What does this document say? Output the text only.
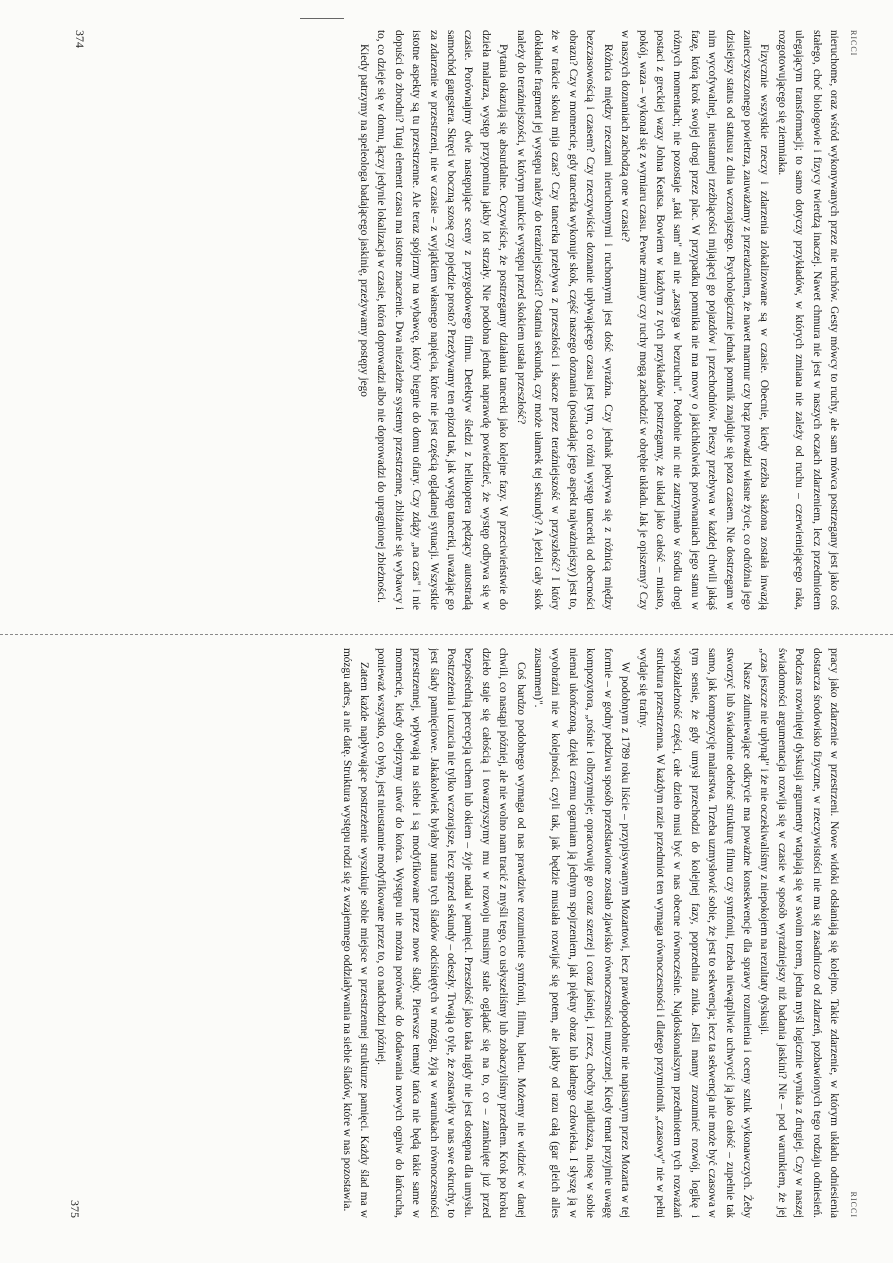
RICCI

nieruchome, oraz wśród wykonywanych przez nie ruchów. Gesty mówcy to ruchy, ale sam mówca postrzegany jest jako coś stałego, choć biologowie i fizycy twierdzą inaczej. Nawet chmura nie jest w naszych oczach zdarzeniem, lecz przedmiotem ulegającym transformacji; to samo dotyczy przykładów, w których zmiana nie zależy od ruchu – czerwieniejącego raka, rozgotowującego się ziemniaka.

Fizycznie wszystkie rzeczy i zdarzenia zlokalizowane są w czasie. Obecnie, kiedy rzeźba skażona została inwazją zanieczyszczonego powietrza, zauważamy z przerażeniem, że nawet marmur czy brąz prowadzi własne życie, co odróżnia jego dzisiejszy status od statusu z dnia wczorajszego. Psychologicznie jednak pomnik znajduje się poza czasem. Nie dostrzegam w nim wycofywalnej, nieustannej rzeźbiącości mijającej go pojazdów i przechodniów. Pieszy przebywa w każdej chwili jakąś fazę, którą krok swojej drogi przez plac. W przypadku pomnika nie ma mowy o jakichkolwiek porównaniach jego stanu w różnych momentach; nie pozostaje „taki sam" ani nie „zastyga w bezruchu". Podobnie nic nie zatrzymało w środku drogi postaci z greckiej wazy Johna Keatsa. Bowiem w każdym z tych przykładów postrzegamy, że układ jako całość – miasto, pokój, waza – wykonał się z wymiaru czasu. Pewne zmiany czy ruchy mogą zachodzić w obrębie układu. Jak je opiszemy? Czy w naszych doznaniach zachodzą one w czasie?

Różnica między rzeczami nieruchomymi i ruchomymi jest dość wyraźna. Czy jednak pokrywa się z różnicą między bezczasowością i czasem? Czy rzeczywiście doznanie upływającego czasu jest tym, co różni występ tancerki od obecności obrazu? Czy w momencie, gdy tancerka wykonuje skok, część naszego doznania (posiadając jego aspekt najważniejszy) jest to, że w trakcie skoku mija czas? Czy tancerka przebywa z przeszłości i skacze przez teraźniejszość w przyszłość? I który dokładnie fragment jej występu należy do teraźniejszości? Ostatnia sekunda, czy może ułamek tej sekundy? A jeżeli cały skok należy do teraźniejszości, w którym punkcie występu przed skokiem ustała przeszłość?

Pytania okazują się absurdalne. Oczywiście, że postrzegamy działania tancerki jako kolejne fazy. W przeciwieństwie do dzieła malarza, występ przypomina jakby lot strzały. Nie podobna jednak naprawdę powiedzieć, że występ odbywa się w czasie. Porównajmy dwie następujące sceny z przygodowego filmu. Detektyw śledzi z helikoptera pędzący autostradą samochód gangstera. Skręci w boczną szosę czy pojedzie prosto? Przeżywamy ten epizod tak, jak występ tancerki, uważając go za zdarzenie w przestrzeni, nie w czasie – z wyjątkiem własnego napięcia, które nie jest częścią oglądanej sytuacji. Wszystkie istotne aspekty są tu przestrzenne. Ale teraz spójrzmy na wybawcę, który biegnie do domu ofiary. Czy zdąży „na czas" i nie dopuści do zbrodni? Tutaj element czasu ma istotne znaczenie. Dwa niezależne systemy przestrzenne, zbliżanie się wybawcy i to, co dzieje się w domu, łączy jedynie lokalizacja w czasie, która doprowadzi albo nie doprowadzi do upragnionej zbieżności.

Kiedy patrzymy na speleologa badającego jaskinię, przeżywamy postępy jego

374
RICCI

pracy jako zdarzenie w przestrzeni. Nowe widoki odsłaniają się kolejno. Takie zdarzenie, w którym układu odniesienia dostarcza środowisko fizyczne, w rzeczywistości nie ma się zasadniczo od zdarzeń, pozbawionych tego rodzaju odniesień. Podczas rozwiniętej dyskusji argumenty wtapiają się w swoim torem, jedna myśl logicznie wynika z drugiej. Czy w naszej świadomości argumentacja rozwija się w czasie w sposób wyrażniejszy niż badania jaskini? Nie – pod warunkiem, że jej „czas jeszcze nie upłynął" i że nie oczekiwaliśmy z niepokojem na rezultaty dyskusji.

Nasze zdumiewające odkrycie ma poważne konsekwencje dla sprawy rozumienia i oceny sztuk wykonawczych. Żeby stworzyć lub świadomie odebrać strukturę filmu czy symfonii, trzeba niewątpliwie uchwycić ją jako całość – zupełnie tak samo, jak kompozycję malarstwa. Trzeba uzmysłowić sobie, że jest to sekwencja; lecz ta sekwencja nie może być czasowa w tym sensie, że gdy umysł przechodzi do kolejnej fazy, poprzednia znika. Jeśli mamy zrozumieć rozwój, logikę i współzależność części, całe dzieło musi być w nas obecne równocześnie. Najdoskonalszym przedmiotem tych rozważań struktura przestrzenna. W każdym razie przedmiot ten wymaga równoczesności i dlatego przymiotnik „czasowy" nie w pełni wydaje się trafny.

W podobnym z 1789 roku liście – przypisywanym Mozartowi, lecz prawdopodobnie nie napisanym przez Mozarta w tej formie – w godny podziwu sposób przedstawione zostało zjawisko równoczesności muzycznej. Kiedy temat przyjmie uwagę kompozytora, „rośnie i olbrzymieje; opracowuję go coraz szerzej i coraz jaśniej, i rzecz, choćby najdłuższa, niosę w sobie niemal ukończoną, dzięki czemu ogarniam ją jednym spojrzeniem, jak piękny obraz lub ładnego człowieka. I słyszę ją w wyobraźni nie w kolejności, czyli tak, jak będzie musiała rozwijać się potem, ale jakby od razu całą (gar gleich alles zusammen)".

Coś bardzo podobnego wymaga od nas prawdziwe rozumienie symfonii, filmu, baletu. Możemy nie widzieć w danej chwili, co nastąpi później, ale nie wolno nam tracić z myśli tego, co usłyszeliśmy lub zobaczyliśmy przedtem. Krok po kroku dzieło staje się całością i towarzyszymy mu w rozwoju musimy stale oglądać się na to, co – zamknięte już przed bezpośrednią percepcją uchem lub okiem – żyje nadal w pamięci. Przeszłość jako taka nigdy nie jest dostępna dla umysłu. Postrzeżenia i uczucia nie tylko wczorajsze, lecz sprzed sekundy – odeszły. Trwają o tyle, że zostawiły w nas swe okruchy, to jest ślady pamięciowe. Jakakolwiek byłaby natura tych śladów odciśniętych w mózgu, żyją w warunkach równoczesności przestrzennej, wpływają na siebie i są modyfikowane przez nowe ślady. Pierwsze tematy tańca nie będą takie same w momencie, kiedy obejrzymy utwór do końca. Występu nie można porównać do dodawania nowych ogniw do łańcucha, ponieważ wszystko, co było, jest nieustannie modyfikowane przez to, co nadchodzi później.

Zatem każde napływające postrzeżenie wyszukuje sobie miejsce w przestrzennej strukturze pamięci. Każdy ślad ma w mózgu adres, a nie datę. Struktura występu rodzi się z wzajemnego oddziaływania na siebie śladów, które w nas pozostawia.

375
